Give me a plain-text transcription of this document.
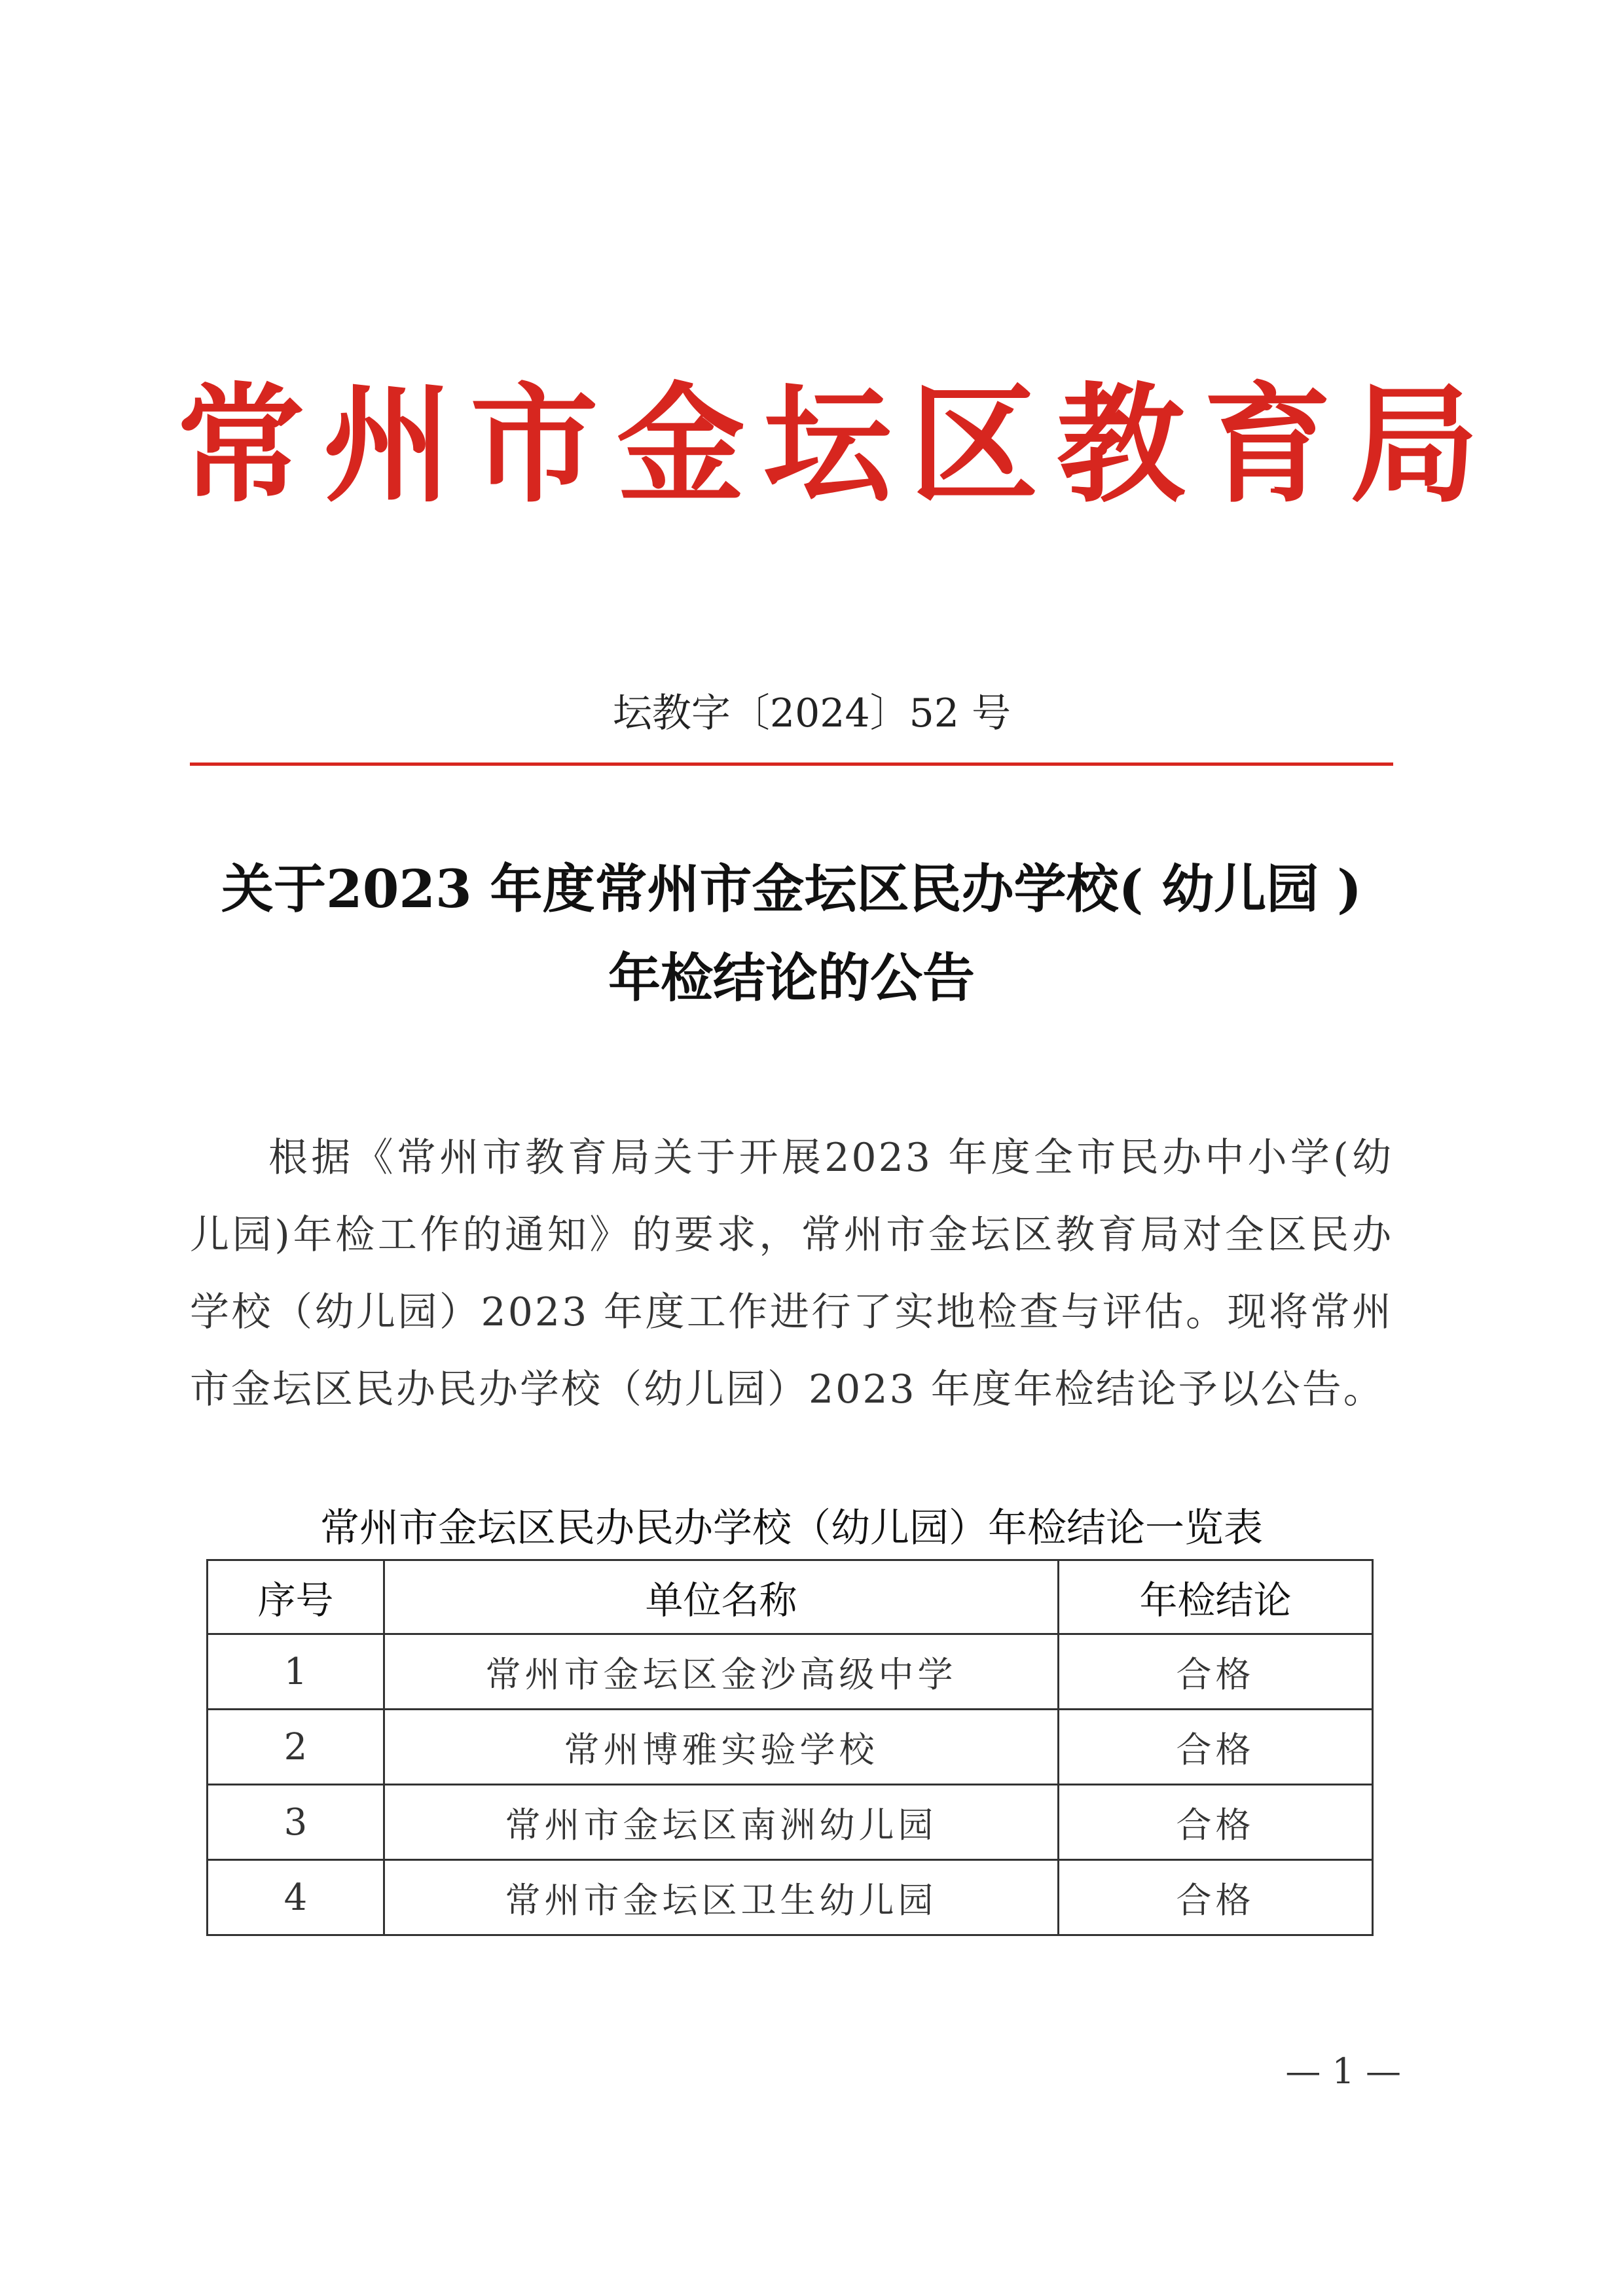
常州市金坛区教育局
坛教字〔2024〕52 号
关于2023 年度常州市金坛区民办学校( 幼儿园 )
年检结论的公告
根据《常州市教育局关于开展2023 年度全市民办中小学(幼儿园)年检工作的通知》的要求，常州市金坛区教育局对全区民办学校（幼儿园）2023 年度工作进行了实地检查与评估。现将常州市金坛区民办民办学校（幼儿园）2023 年度年检结论予以公告。
常州市金坛区民办民办学校（幼儿园）年检结论一览表
序号	单位名称	年检结论
1	常州市金坛区金沙高级中学	合格
2	常州博雅实验学校	合格
3	常州市金坛区南洲幼儿园	合格
4	常州市金坛区卫生幼儿园	合格
— 1 —
